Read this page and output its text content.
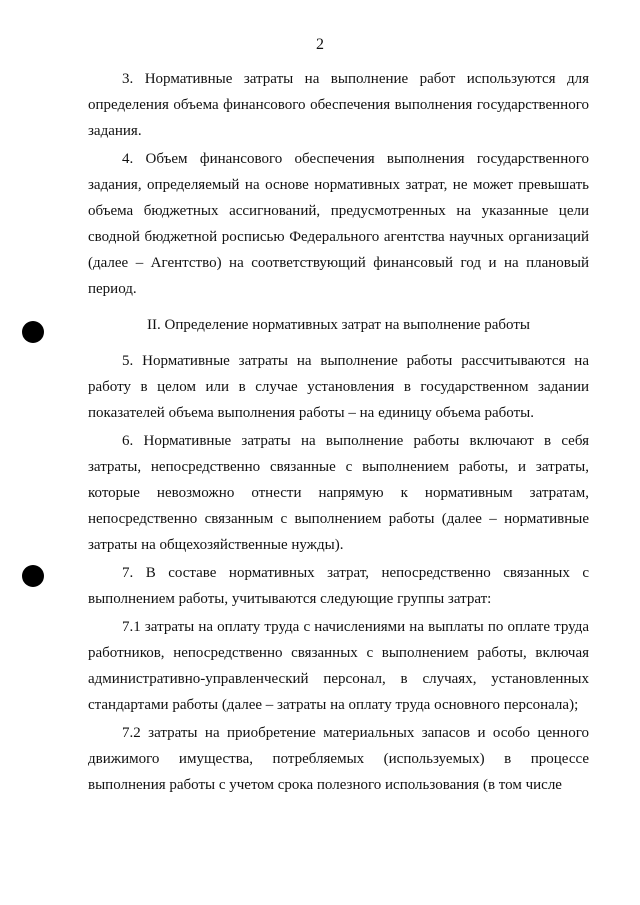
2

3. Нормативные затраты на выполнение работ используются для определения объема финансового обеспечения выполнения государственного задания.

4. Объем финансового обеспечения выполнения государственного задания, определяемый на основе нормативных затрат, не может превышать объема бюджетных ассигнований, предусмотренных на указанные цели сводной бюджетной росписью Федерального агентства научных организаций (далее – Агентство) на соответствующий финансовый год и на плановый период.

II. Определение нормативных затрат на выполнение работы

5. Нормативные затраты на выполнение работы рассчитываются на работу в целом или в случае установления в государственном задании показателей объема выполнения работы – на единицу объема работы.

6. Нормативные затраты на выполнение работы включают в себя затраты, непосредственно связанные с выполнением работы, и затраты, которые невозможно отнести напрямую к нормативным затратам, непосредственно связанным с выполнением работы (далее – нормативные затраты на общехозяйственные нужды).

7. В составе нормативных затрат, непосредственно связанных с выполнением работы, учитываются следующие группы затрат:

7.1 затраты на оплату труда с начислениями на выплаты по оплате труда работников, непосредственно связанных с выполнением работы, включая административно-управленческий персонал, в случаях, установленных стандартами работы (далее – затраты на оплату труда основного персонала);

7.2 затраты на приобретение материальных запасов и особо ценного движимого имущества, потребляемых (используемых) в процессе выполнения работы с учетом срока полезного использования (в том числе
